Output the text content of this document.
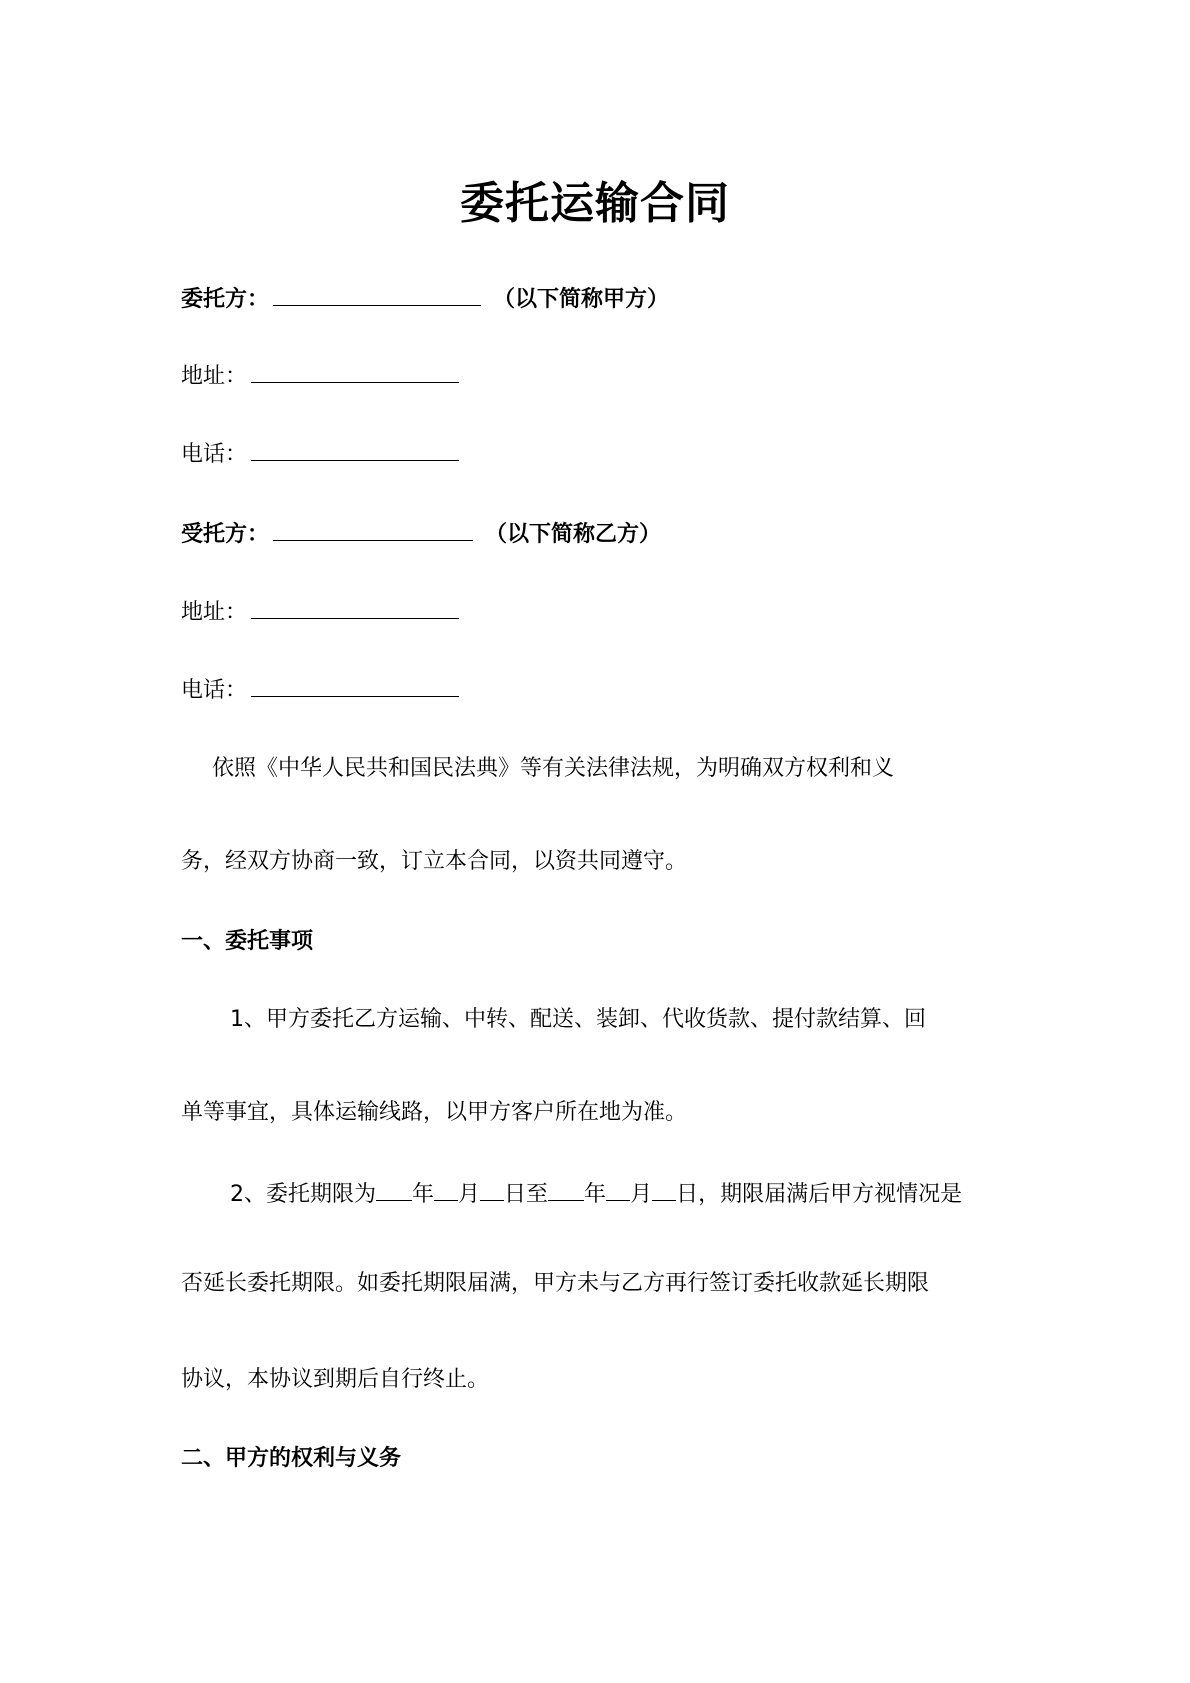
委托运输合同
委托方：	（以下简称甲方）
地址：
电话：
受托方：	（以下简称乙方）
地址：
电话：
依照《中华人民共和国民法典》等有关法律法规，为明确双方权利和义
务，经双方协商一致，订立本合同，以资共同遵守。
一、委托事项
1、甲方委托乙方运输、中转、配送、装卸、代收货款、提付款结算、回
单等事宜，具体运输线路，以甲方客户所在地为准。
2、委托期限为 年 月 日至 年 月 日，期限届满后甲方视情况是
否延长委托期限。如委托期限届满，甲方未与乙方再行签订委托收款延长期限
协议，本协议到期后自行终止。
二、甲方的权利与义务
